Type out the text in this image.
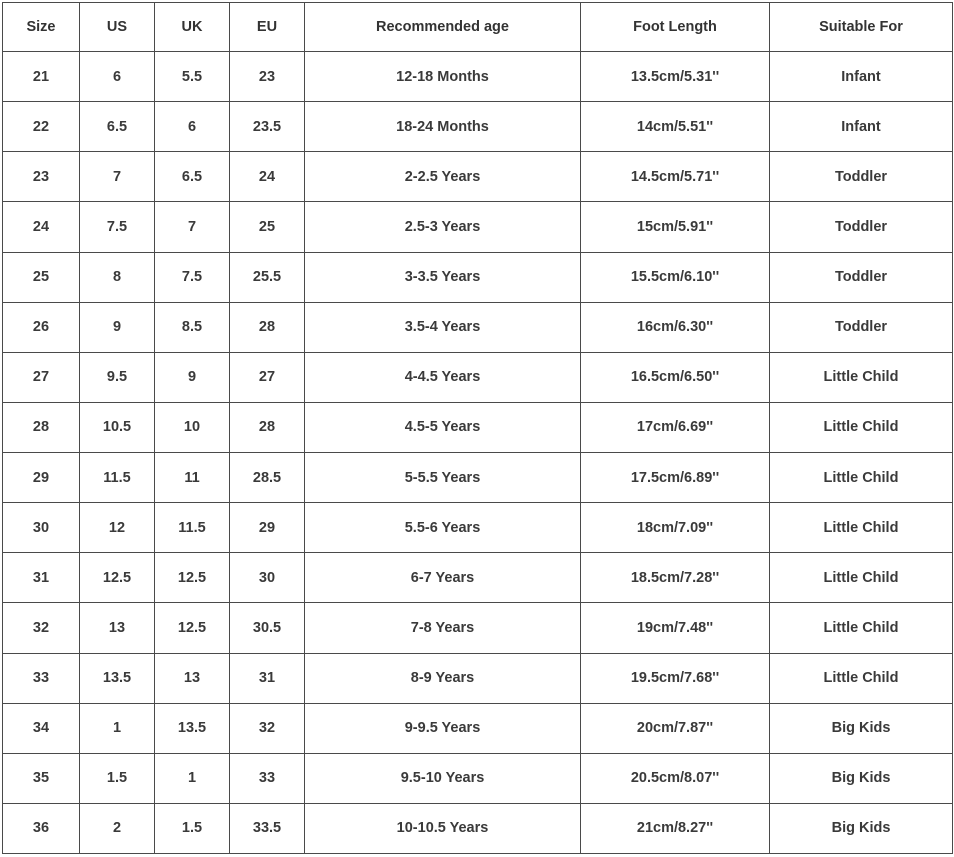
Size	US	UK	EU	Recommended age	Foot Length	Suitable For
21	6	5.5	23	12-18 Months	13.5cm/5.31''	Infant
22	6.5	6	23.5	18-24 Months	14cm/5.51''	Infant
23	7	6.5	24	2-2.5 Years	14.5cm/5.71''	Toddler
24	7.5	7	25	2.5-3 Years	15cm/5.91''	Toddler
25	8	7.5	25.5	3-3.5 Years	15.5cm/6.10''	Toddler
26	9	8.5	28	3.5-4 Years	16cm/6.30''	Toddler
27	9.5	9	27	4-4.5 Years	16.5cm/6.50''	Little Child
28	10.5	10	28	4.5-5 Years	17cm/6.69''	Little Child
29	11.5	11	28.5	5-5.5 Years	17.5cm/6.89''	Little Child
30	12	11.5	29	5.5-6 Years	18cm/7.09''	Little Child
31	12.5	12.5	30	6-7 Years	18.5cm/7.28''	Little Child
32	13	12.5	30.5	7-8 Years	19cm/7.48''	Little Child
33	13.5	13	31	8-9 Years	19.5cm/7.68''	Little Child
34	1	13.5	32	9-9.5 Years	20cm/7.87''	Big Kids
35	1.5	1	33	9.5-10 Years	20.5cm/8.07''	Big Kids
36	2	1.5	33.5	10-10.5 Years	21cm/8.27''	Big Kids
